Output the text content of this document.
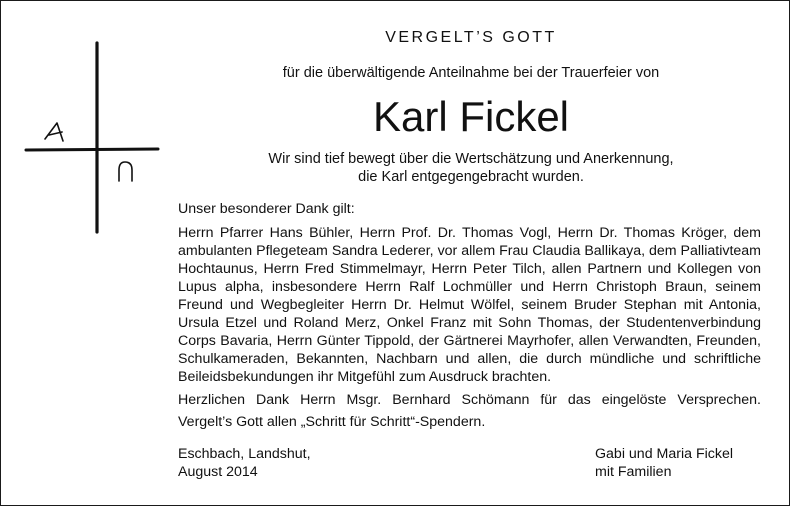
VERGELT’S GOTT
für die überwältigende Anteilnahme bei der Trauerfeier von
Karl Fickel
Wir sind tief bewegt über die Wertschätzung und Anerkennung,
die Karl entgegengebracht wurden.

Unser besonderer Dank gilt:

Herrn Pfarrer Hans Bühler, Herrn Prof. Dr. Thomas Vogl, Herrn Dr. Thomas Kröger, dem ambulanten Pflegeteam Sandra Lederer, vor allem Frau Claudia Ballikaya, dem Palliativteam Hochtaunus, Herrn Fred Stimmelmayr, Herrn Peter Tilch, allen Partnern und Kollegen von Lupus alpha, insbesondere Herrn Ralf Lochmüller und Herrn Christoph Braun, seinem Freund und Wegbegleiter Herrn Dr. Helmut Wölfel, seinem Bruder Stephan mit Antonia, Ursula Etzel und Roland Merz, Onkel Franz mit Sohn Thomas, der Studentenverbindung Corps Bavaria, Herrn Günter Tippold, der Gärtnerei Mayrhofer, allen Verwandten, Freunden, Schulkameraden, Bekannten, Nachbarn und allen, die durch mündliche und schriftliche Beileidsbekundungen ihr Mitgefühl zum Ausdruck brachten.

Herzlichen Dank Herrn Msgr. Bernhard Schömann für das eingelöste Versprechen.

Vergelt’s Gott allen „Schritt für Schritt“-Spendern.

Eschbach, Landshut,
August 2014
Gabi und Maria Fickel
mit Familien
